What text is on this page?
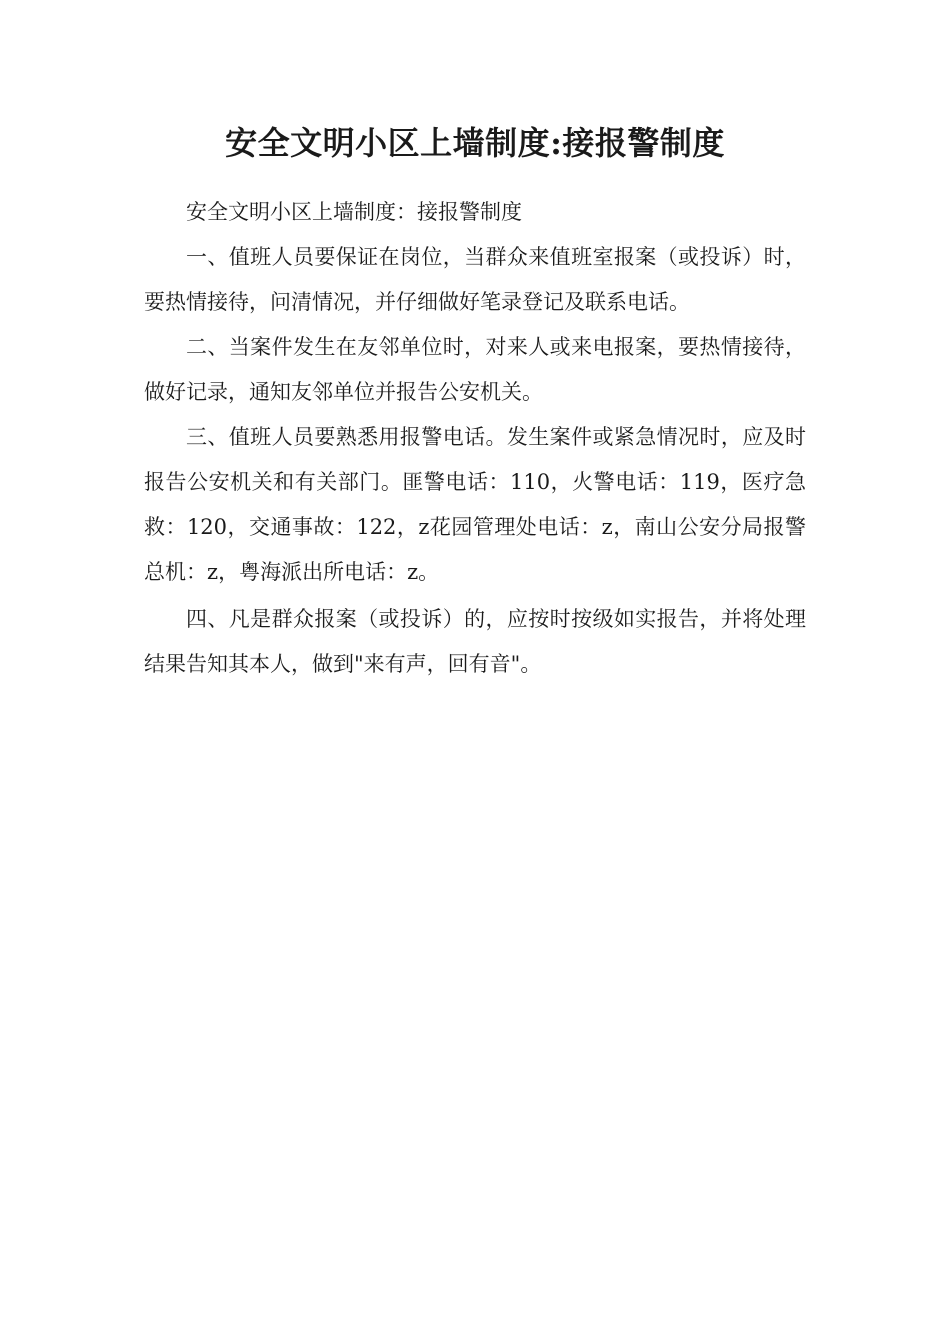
安全文明小区上墙制度:接报警制度

安全文明小区上墙制度：接报警制度

一、值班人员要保证在岗位，当群众来值班室报案（或投诉）时，要热情接待，问清情况，并仔细做好笔录登记及联系电话。

二、当案件发生在友邻单位时，对来人或来电报案，要热情接待，做好记录，通知友邻单位并报告公安机关。

三、值班人员要熟悉用报警电话。发生案件或紧急情况时，应及时报告公安机关和有关部门。匪警电话：110，火警电话：119，医疗急救：120，交通事故：122，z花园管理处电话：z，南山公安分局报警总机：z，粤海派出所电话：z。

四、凡是群众报案（或投诉）的，应按时按级如实报告，并将处理结果告知其本人，做到"来有声，回有音"。
